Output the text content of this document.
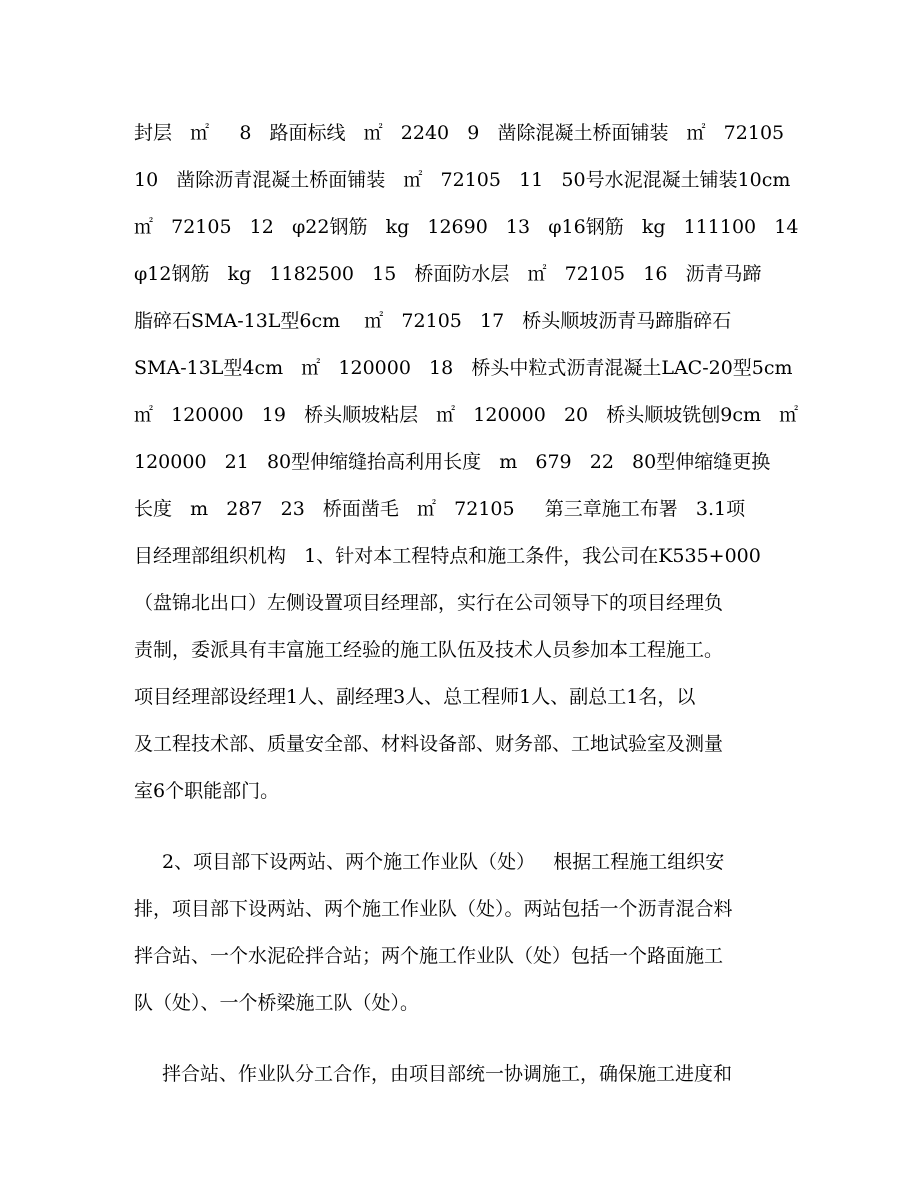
封层   ㎡     8   路面标线   ㎡   2240   9   凿除混凝土桥面铺装   ㎡   72105
10   凿除沥青混凝土桥面铺装   ㎡   72105   11   50号水泥混凝土铺装10cm
㎡   72105   12   φ22钢筋   kg   12690   13   φ16钢筋   kg   111100   14
φ12钢筋   kg   1182500   15   桥面防水层   ㎡   72105   16   沥青马蹄
脂碎石SMA-13L型6cm    ㎡   72105   17   桥头顺坡沥青马蹄脂碎石
SMA-13L型4cm   ㎡   120000   18   桥头中粒式沥青混凝土LAC-20型5cm
㎡   120000   19   桥头顺坡粘层   ㎡   120000   20   桥头顺坡铣刨9cm   ㎡
120000   21   80型伸缩缝抬高利用长度   m   679   22   80型伸缩缝更换
长度   m   287   23   桥面凿毛   ㎡   72105     第三章施工布署   3.1项
目经理部组织机构   1、针对本工程特点和施工条件，我公司在K535+000
（盘锦北出口）左侧设置项目经理部，实行在公司领导下的项目经理负
责制，委派具有丰富施工经验的施工队伍及技术人员参加本工程施工。
项目经理部设经理1人、副经理3人、总工程师1人、副总工1名，以
及工程技术部、质量安全部、材料设备部、财务部、工地试验室及测量
室6个职能部门。
2、项目部下设两站、两个施工作业队（处）   根据工程施工组织安
排，项目部下设两站、两个施工作业队（处）。两站包括一个沥青混合料
拌合站、一个水泥砼拌合站；两个施工作业队（处）包括一个路面施工
队（处）、一个桥梁施工队（处）。
拌合站、作业队分工合作，由项目部统一协调施工，确保施工进度和
